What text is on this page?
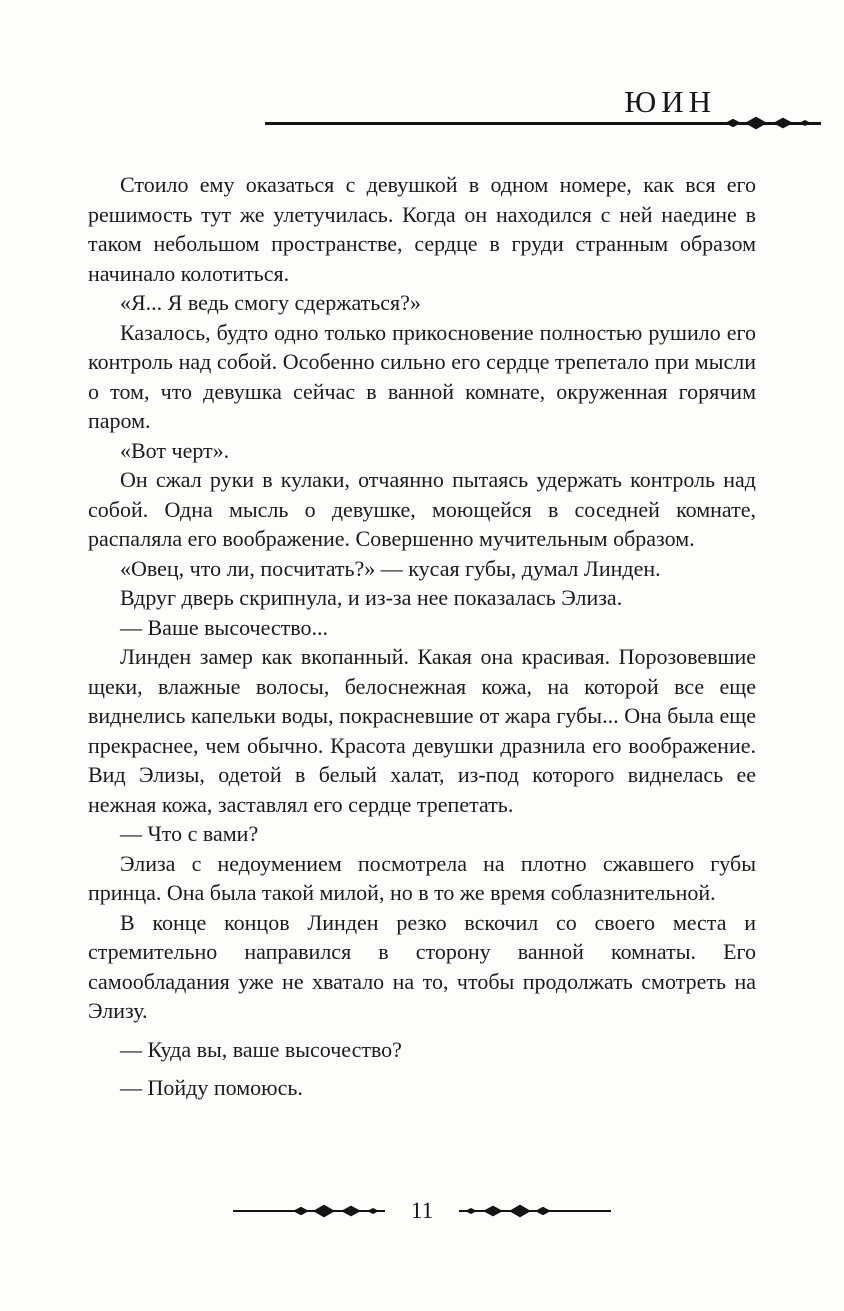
ЮИН

Стоило ему оказаться с девушкой в одном номере, как вся его решимость тут же улетучилась. Когда он находился с ней наедине в таком небольшом пространстве, сердце в груди странным образом начинало колотиться.

«Я... Я ведь смогу сдержаться?»

Казалось, будто одно только прикосновение полностью рушило его контроль над собой. Особенно сильно его сердце трепетало при мысли о том, что девушка сейчас в ванной комнате, окруженная горячим паром.

«Вот черт».

Он сжал руки в кулаки, отчаянно пытаясь удержать контроль над собой. Одна мысль о девушке, моющейся в соседней комнате, распаляла его воображение. Совершенно мучительным образом.

«Овец, что ли, посчитать?» — кусая губы, думал Линден.

Вдруг дверь скрипнула, и из-за нее показалась Элиза.

— Ваше высочество...

Линден замер как вкопанный. Какая она красивая. Порозовевшие щеки, влажные волосы, белоснежная кожа, на которой все еще виднелись капельки воды, покрасневшие от жара губы... Она была еще прекраснее, чем обычно. Красота девушки дразнила его воображение. Вид Элизы, одетой в белый халат, из-под которого виднелась ее нежная кожа, заставлял его сердце трепетать.

— Что с вами?

Элиза с недоумением посмотрела на плотно сжавшего губы принца. Она была такой милой, но в то же время соблазнительной.

В конце концов Линден резко вскочил со своего места и стремительно направился в сторону ванной комнаты. Его самообладания уже не хватало на то, чтобы продолжать смотреть на Элизу.

— Куда вы, ваше высочество?

— Пойду помоюсь.

11
